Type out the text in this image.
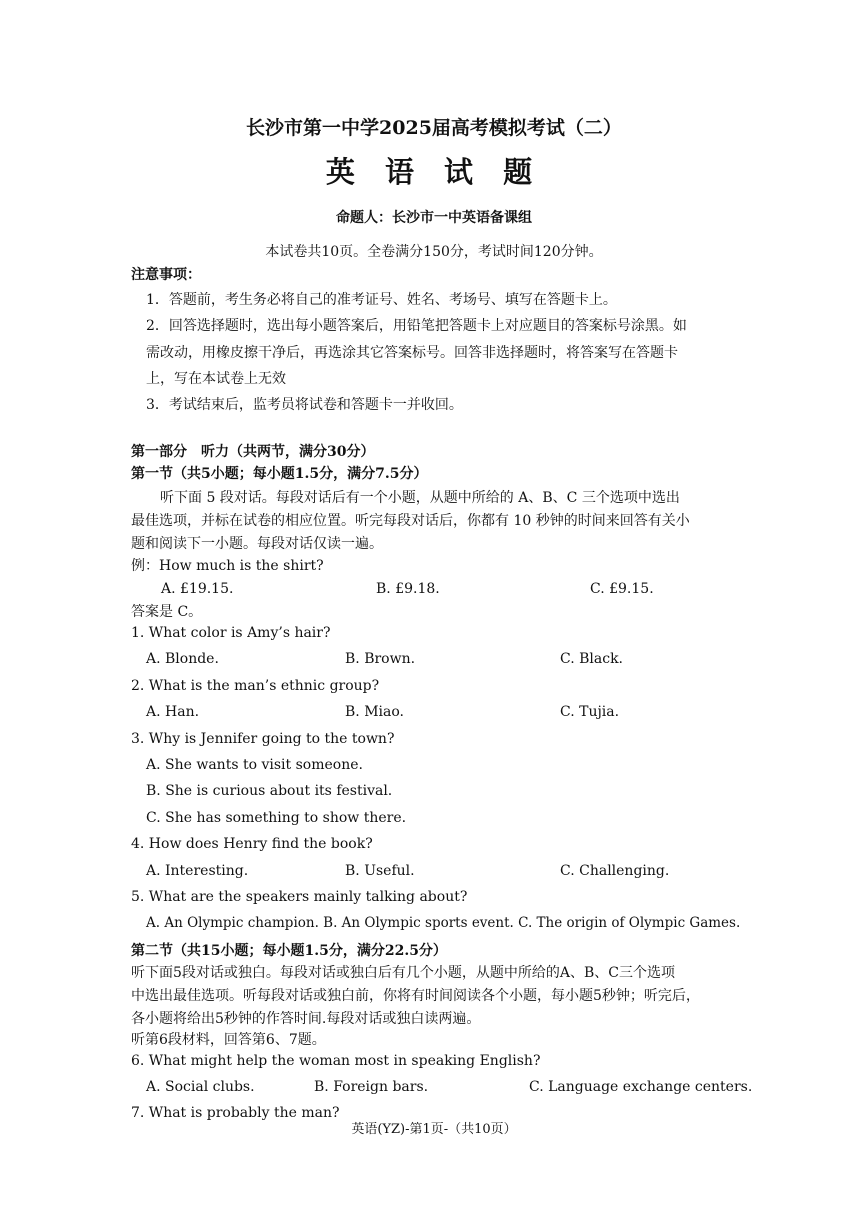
长沙市第一中学2025届高考模拟考试（二）
英 语 试 题
命题人：长沙市一中英语备课组
本试卷共10页。全卷满分150分，考试时间120分钟。
注意事项：
1．答题前，考生务必将自己的准考证号、姓名、考场号、填写在答题卡上。
2．回答选择题时，选出每小题答案后，用铅笔把答题卡上对应题目的答案标号涂黑。如
需改动，用橡皮擦干净后，再选涂其它答案标号。回答非选择题时，将答案写在答题卡
上，写在本试卷上无效
3．考试结束后，监考员将试卷和答题卡一并收回。
第一部分　听力（共两节，满分30分）
第一节（共5小题；每小题1.5分，满分7.5分）
听下面 5 段对话。每段对话后有一个小题，从题中所给的 A、B、C 三个选项中选出
最佳选项，并标在试卷的相应位置。听完每段对话后，你都有 10 秒钟的时间来回答有关小
题和阅读下一小题。每段对话仅读一遍。
例：How much is the shirt?
A. £19.15.	B. £9.18.	C. £9.15.
答案是 C。
1. What color is Amy’s hair?
A. Blonde.	B. Brown.	C. Black.
2. What is the man’s ethnic group?
A. Han.	B. Miao.	C. Tujia.
3. Why is Jennifer going to the town?
A. She wants to visit someone.
B. She is curious about its festival.
C. She has something to show there.
4. How does Henry find the book?
A. Interesting.	B. Useful.	C. Challenging.
5. What are the speakers mainly talking about?
A. An Olympic champion. B. An Olympic sports event. C. The origin of Olympic Games.
第二节（共15小题；每小题1.5分，满分22.5分）
听下面5段对话或独白。每段对话或独白后有几个小题，从题中所给的A、B、C三个选项
中选出最佳选项。听每段对话或独白前，你将有时间阅读各个小题，每小题5秒钟；听完后，
各小题将给出5秒钟的作答时间.每段对话或独白读两遍。
听第6段材料，回答第6、7题。
6. What might help the woman most in speaking English?
A. Social clubs.	B. Foreign bars.	C. Language exchange centers.
7. What is probably the man?
英语(YZ)-第1页-（共10页）
